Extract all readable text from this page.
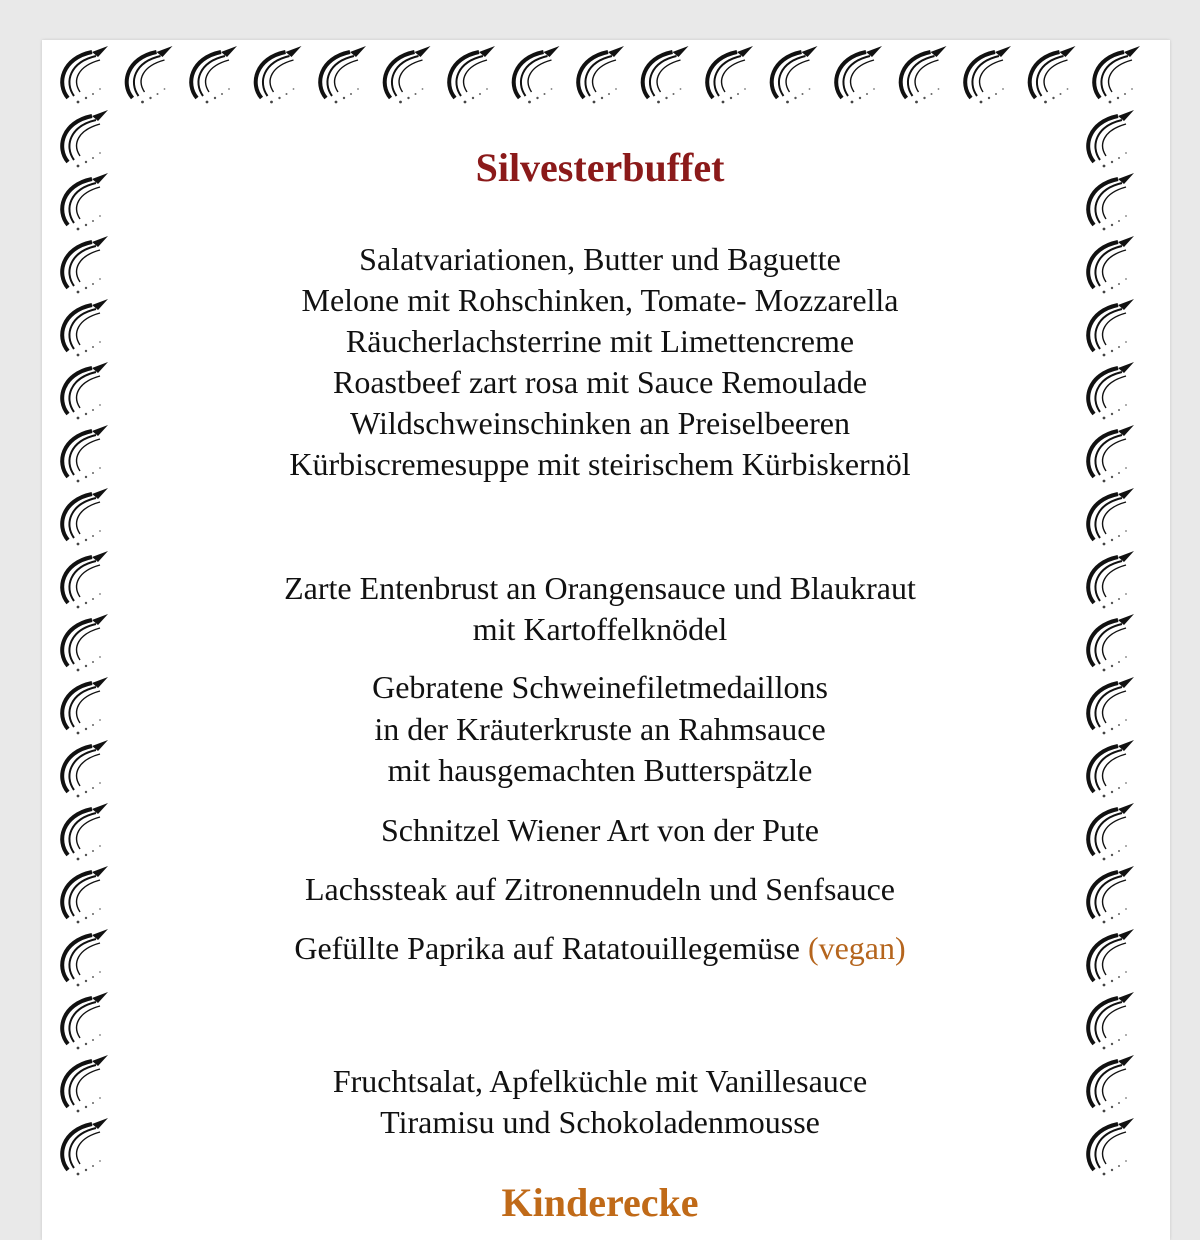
Silvesterbuffet
Salatvariationen, Butter und Baguette
Melone mit Rohschinken, Tomate- Mozzarella
Räucherlachsterrine mit Limettencreme
Roastbeef zart rosa mit Sauce Remoulade
Wildschweinschinken an Preiselbeeren
Kürbiscremesuppe mit steirischem Kürbiskernöl
Zarte Entenbrust an Orangensauce und Blaukraut
mit Kartoffelknödel
Gebratene Schweinefiletmedaillons
in der Kräuterkruste an Rahmsauce
mit hausgemachten Butterspätzle
Schnitzel Wiener Art von der Pute
Lachssteak auf Zitronennudeln und Senfsauce
Gefüllte Paprika auf Ratatouillegemüse (vegan)
Fruchtsalat, Apfelküchle mit Vanillesauce
Tiramisu und Schokoladenmousse
Kinderecke
